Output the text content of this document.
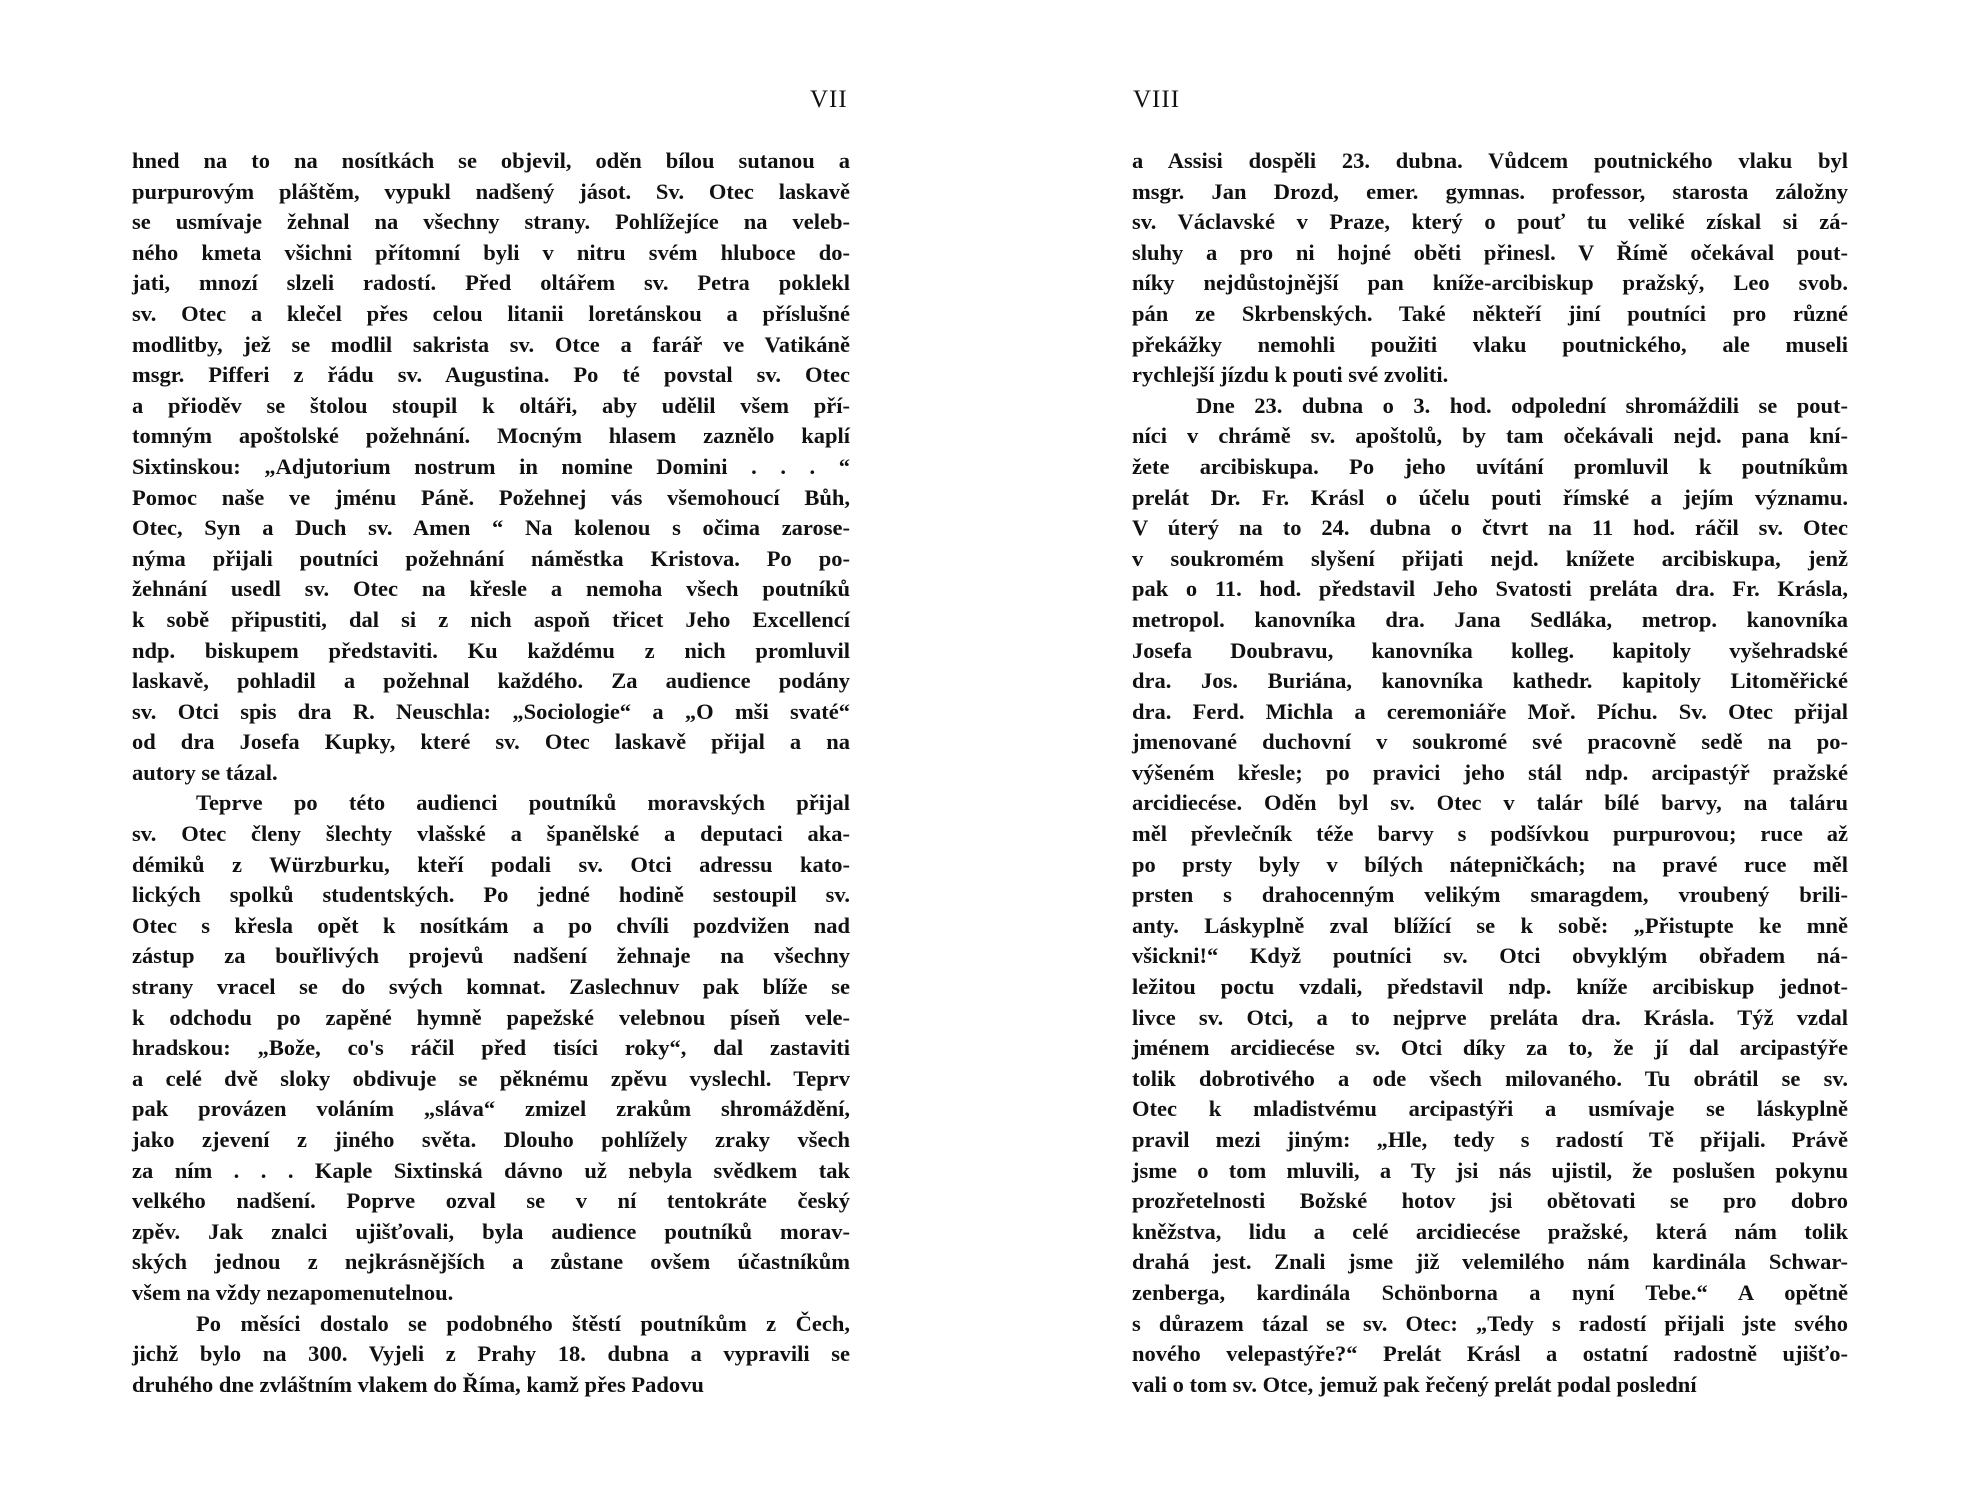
VII
hned na to na nosítkách se objevil, oděn bílou sutanou a
purpurovým pláštěm, vypukl nadšený jásot. Sv. Otec laskavě
se usmívaje žehnal na všechny strany. Pohlížejíce na veleb-
ného kmeta všichni přítomní byli v nitru svém hluboce do-
jati, mnozí slzeli radostí. Před oltářem sv. Petra poklekl
sv. Otec a klečel přes celou litanii loretánskou a příslušné
modlitby, jež se modlil sakrista sv. Otce a farář ve Vatikáně
msgr. Pifferi z řádu sv. Augustina. Po té povstal sv. Otec
a přioděv se štolou stoupil k oltáři, aby udělil všem pří-
tomným apoštolské požehnání. Mocným hlasem zaznělo kaplí
Sixtinskou: „Adjutorium nostrum in nomine Domini . . . “
Pomoc naše ve jménu Páně. Požehnej vás všemohoucí Bůh,
Otec, Syn a Duch sv. Amen “ Na kolenou s očima zarose-
nýma přijali poutníci požehnání náměstka Kristova. Po po-
žehnání usedl sv. Otec na křesle a nemoha všech poutníků
k sobě připustiti, dal si z nich aspoň třicet Jeho Excellencí
ndp. biskupem představiti. Ku každému z nich promluvil
laskavě, pohladil a požehnal každého. Za audience podány
sv. Otci spis dra R. Neuschla: „Sociologie“ a „O mši svaté“
od dra Josefa Kupky, které sv. Otec laskavě přijal a na
autory se tázal.
Teprve po této audienci poutníků moravských přijal
sv. Otec členy šlechty vlašské a španělské a deputaci aka-
démiků z Würzburku, kteří podali sv. Otci adressu kato-
lických spolků studentských. Po jedné hodině sestoupil sv.
Otec s křesla opět k nosítkám a po chvíli pozdvižen nad
zástup za bouřlivých projevů nadšení žehnaje na všechny
strany vracel se do svých komnat. Zaslechnuv pak blíže se
k odchodu po zapěné hymně papežské velebnou píseň vele-
hradskou: „Bože, co's ráčil před tisíci roky“, dal zastaviti
a celé dvě sloky obdivuje se pěknému zpěvu vyslechl. Teprv
pak provázen voláním „sláva“ zmizel zrakům shromáždění,
jako zjevení z jiného světa. Dlouho pohlížely zraky všech
za ním . . . Kaple Sixtinská dávno už nebyla svědkem tak
velkého nadšení. Poprve ozval se v ní tentokráte český
zpěv. Jak znalci ujišťovali, byla audience poutníků morav-
ských jednou z nejkrásnějších a zůstane ovšem účastníkům
všem na vždy nezapomenutelnou.
Po měsíci dostalo se podobného štěstí poutníkům z Čech,
jichž bylo na 300. Vyjeli z Prahy 18. dubna a vypravili se
druhého dne zvláštním vlakem do Říma, kamž přes Padovu
VIII
a Assisi dospěli 23. dubna. Vůdcem poutnického vlaku byl
msgr. Jan Drozd, emer. gymnas. professor, starosta záložny
sv. Václavské v Praze, který o pouť tu veliké získal si zá-
sluhy a pro ni hojné oběti přinesl. V Římě očekával pout-
níky nejdůstojnější pan kníže-arcibiskup pražský, Leo svob.
pán ze Skrbenských. Také někteří jiní poutníci pro různé
překážky nemohli použiti vlaku poutnického, ale museli
rychlejší jízdu k pouti své zvoliti.
Dne 23. dubna o 3. hod. odpolední shromáždili se pout-
níci v chrámě sv. apoštolů, by tam očekávali nejd. pana kní-
žete arcibiskupa. Po jeho uvítání promluvil k poutníkům
prelát Dr. Fr. Krásl o účelu pouti římské a jejím významu.
V úterý na to 24. dubna o čtvrt na 11 hod. ráčil sv. Otec
v soukromém slyšení přijati nejd. knížete arcibiskupa, jenž
pak o 11. hod. představil Jeho Svatosti preláta dra. Fr. Krásla,
metropol. kanovníka dra. Jana Sedláka, metrop. kanovníka
Josefa Doubravu, kanovníka kolleg. kapitoly vyšehradské
dra. Jos. Buriána, kanovníka kathedr. kapitoly Litoměřické
dra. Ferd. Michla a ceremoniáře Moř. Píchu. Sv. Otec přijal
jmenované duchovní v soukromé své pracovně sedě na po-
výšeném křesle; po pravici jeho stál ndp. arcipastýř pražské
arcidiecése. Oděn byl sv. Otec v talár bílé barvy, na taláru
měl převlečník téže barvy s podšívkou purpurovou; ruce až
po prsty byly v bílých nátepničkách; na pravé ruce měl
prsten s drahocenným velikým smaragdem, vroubený brili-
anty. Láskyplně zval blížící se k sobě: „Přistupte ke mně
všickni!“ Když poutníci sv. Otci obvyklým obřadem ná-
ležitou poctu vzdali, představil ndp. kníže arcibiskup jednot-
livce sv. Otci, a to nejprve preláta dra. Krásla. Týž vzdal
jménem arcidiecése sv. Otci díky za to, že jí dal arcipastýře
tolik dobrotivého a ode všech milovaného. Tu obrátil se sv.
Otec k mladistvému arcipastýři a usmívaje se láskyplně
pravil mezi jiným: „Hle, tedy s radostí Tě přijali. Právě
jsme o tom mluvili, a Ty jsi nás ujistil, že poslušen pokynu
prozřetelnosti Božské hotov jsi obětovati se pro dobro
kněžstva, lidu a celé arcidiecése pražské, která nám tolik
drahá jest. Znali jsme již velemilého nám kardinála Schwar-
zenberga, kardinála Schönborna a nyní Tebe.“ A opětně
s důrazem tázal se sv. Otec: „Tedy s radostí přijali jste svého
nového velepastýře?“ Prelát Krásl a ostatní radostně ujišťo-
vali o tom sv. Otce, jemuž pak řečený prelát podal poslední
